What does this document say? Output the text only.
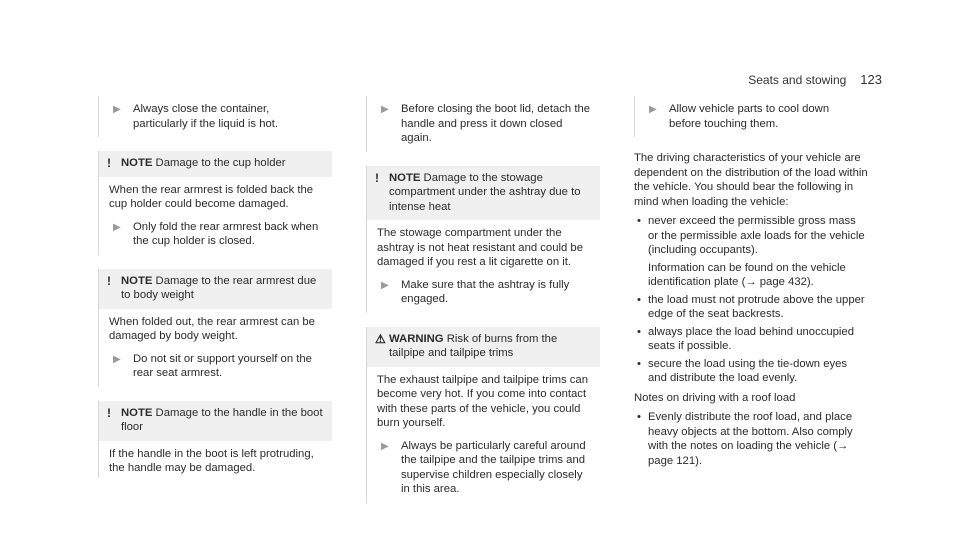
Seats and stowing 123
▶	Always close the container, particularly if the liquid is hot.
! NOTE Damage to the cup holder
When the rear armrest is folded back the cup holder could become damaged.
▶	Only fold the rear armrest back when the cup holder is closed.
! NOTE Damage to the rear armrest due to body weight
When folded out, the rear armrest can be damaged by body weight.
▶	Do not sit or support yourself on the rear seat armrest.
! NOTE Damage to the handle in the boot floor
If the handle in the boot is left protruding, the handle may be damaged.
▶	Before closing the boot lid, detach the handle and press it down closed again.
! NOTE Damage to the stowage compartment under the ashtray due to intense heat
The stowage compartment under the ashtray is not heat resistant and could be damaged if you rest a lit cigarette on it.
▶	Make sure that the ashtray is fully engaged.
⚠ WARNING Risk of burns from the tailpipe and tailpipe trims
The exhaust tailpipe and tailpipe trims can become very hot. If you come into contact with these parts of the vehicle, you could burn yourself.
▶	Always be particularly careful around the tailpipe and the tailpipe trims and supervise children especially closely in this area.
▶	Allow vehicle parts to cool down before touching them.

The driving characteristics of your vehicle are dependent on the distribution of the load within the vehicle. You should bear the following in mind when loading the vehicle:

• never exceed the permissible gross mass or the permissible axle loads for the vehicle (including occupants).
Information can be found on the vehicle identification plate (→ page 432).
• the load must not protrude above the upper edge of the seat backrests.
• always place the load behind unoccupied seats if possible.
• secure the load using the tie-down eyes and distribute the load evenly.

Notes on driving with a roof load

• Evenly distribute the roof load, and place heavy objects at the bottom. Also comply with the notes on loading the vehicle (→ page 121).
